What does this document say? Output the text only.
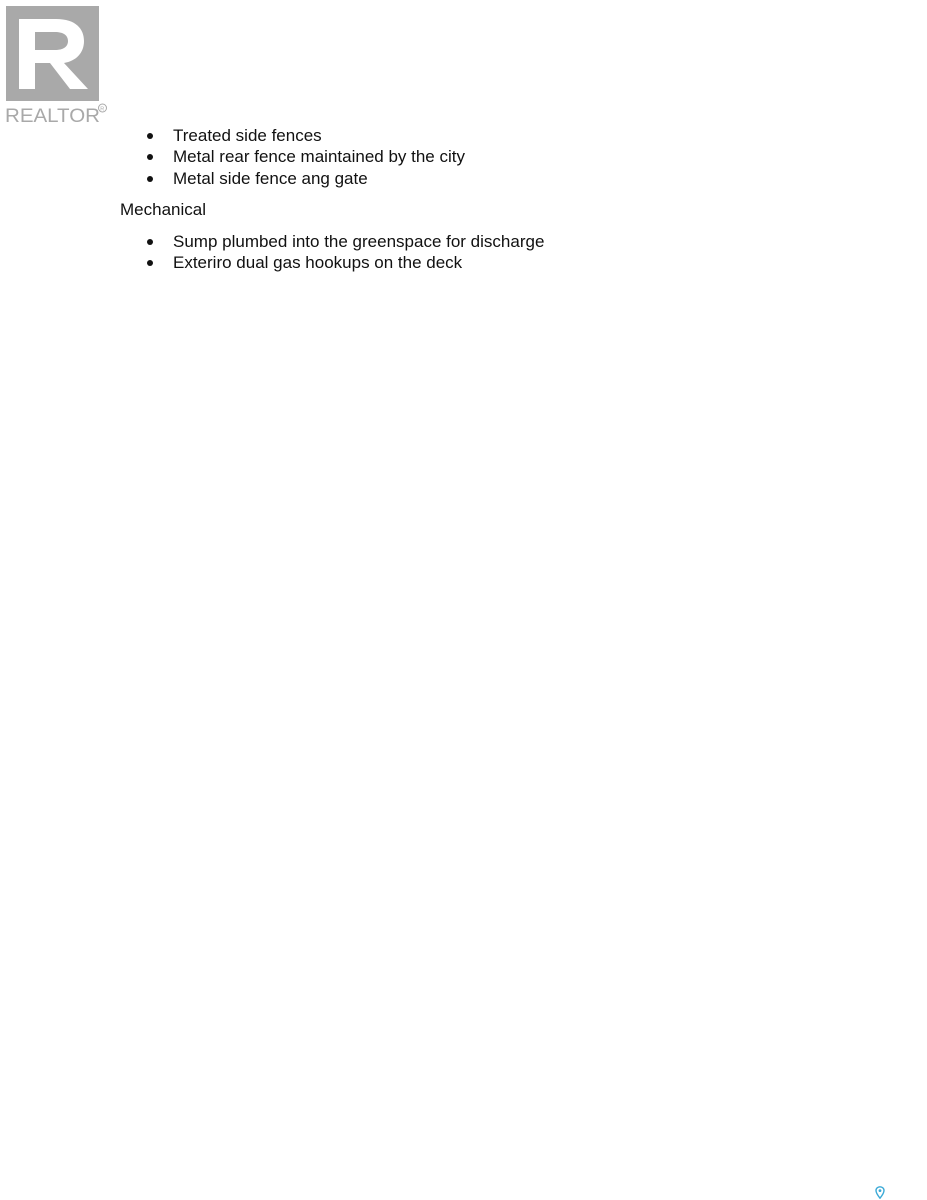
REALTOR R
Treated side fences
Metal rear fence maintained by the city
Metal side fence ang gate

Mechanical

Sump plumbed into the greenspace for discharge
Exteriro dual gas hookups on the deck
